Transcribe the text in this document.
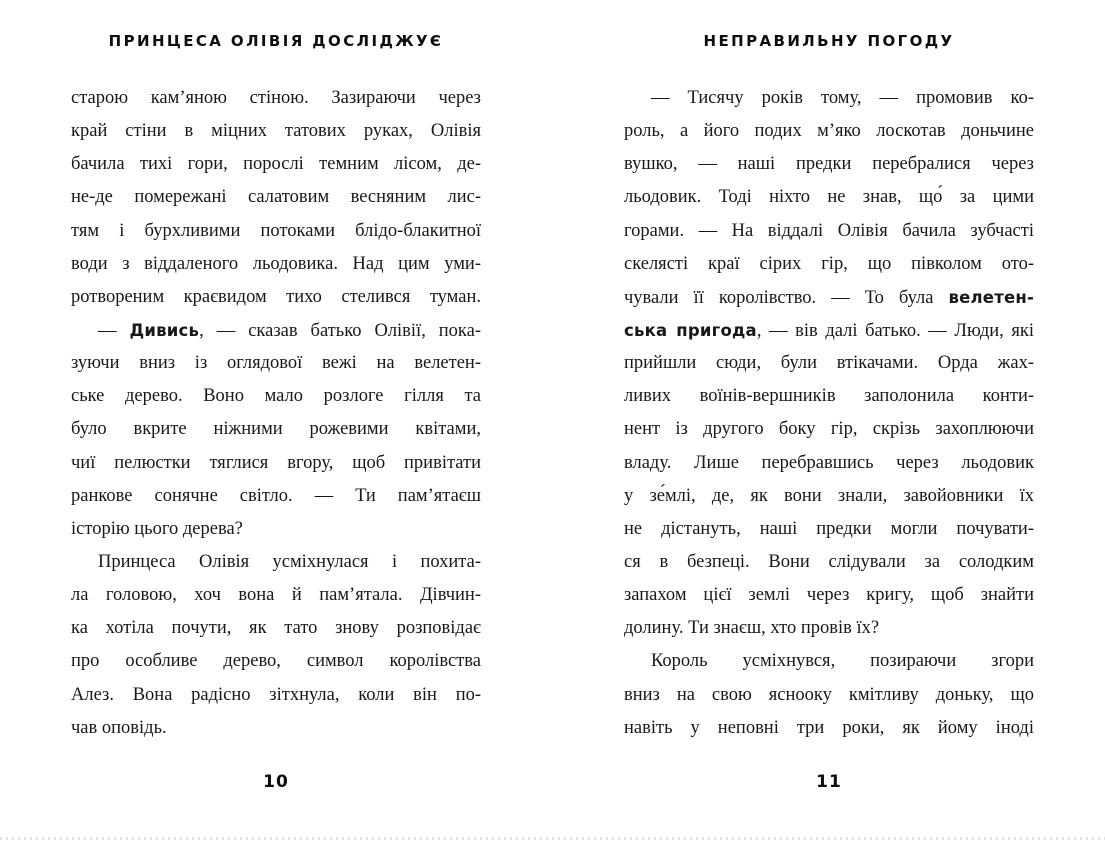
ПРИНЦЕСА ОЛІВІЯ ДОСЛІДЖУЄ
старою кам’яною стіною. Зазираючи через
край стіни в міцних татових руках, Олівія
бачила тихі гори, порослі темним лісом, де-
не-де помережані салатовим весняним лис-
тям і бурхливими потоками блідо-блакитної
води з віддаленого льодовика. Над цим уми-
ротвореним краєвидом тихо стелився туман.
— Дивись, — сказав батько Олівії, пока-
зуючи вниз із оглядової вежі на велетен-
ське дерево. Воно мало розлоге гілля та
було вкрите ніжними рожевими квітами,
чиї пелюстки тяглися вгору, щоб привітати
ранкове сонячне світло. — Ти пам’ятаєш
історію цього дерева?
Принцеса Олівія усміхнулася і похита-
ла головою, хоч вона й пам’ятала. Дівчин-
ка хотіла почути, як тато знову розповідає
про особливе дерево, символ королівства
Алез. Вона радісно зітхнула, коли він по-
чав оповідь.
10
НЕПРАВИЛЬНУ ПОГОДУ
— Тисячу років тому, — промовив ко-
роль, а його подих м’яко лоскотав доньчине
вушко, — наші предки перебралися через
льодовик. Тоді ніхто не знав, що́ за цими
горами. — На віддалі Олівія бачила зубчасті
скелясті краї сірих гір, що півколом ото-
чували її королівство. — То була велетен-
ська пригода, — вів далі батько. — Люди, які
прийшли сюди, були втікачами. Орда жах-
ливих воїнів-вершників заполонила конти-
нент із другого боку гір, скрізь захоплюючи
владу. Лише перебравшись через льодовик
у зе́млі, де, як вони знали, завойовники їх
не дістануть, наші предки могли почувати-
ся в безпеці. Вони слідували за солодким
запахом цієї землі через кригу, щоб знайти
долину. Ти знаєш, хто провів їх?
Король усміхнувся, позираючи згори
вниз на свою яснооку кмітливу доньку, що
навіть у неповні три роки, як йому іноді
11
